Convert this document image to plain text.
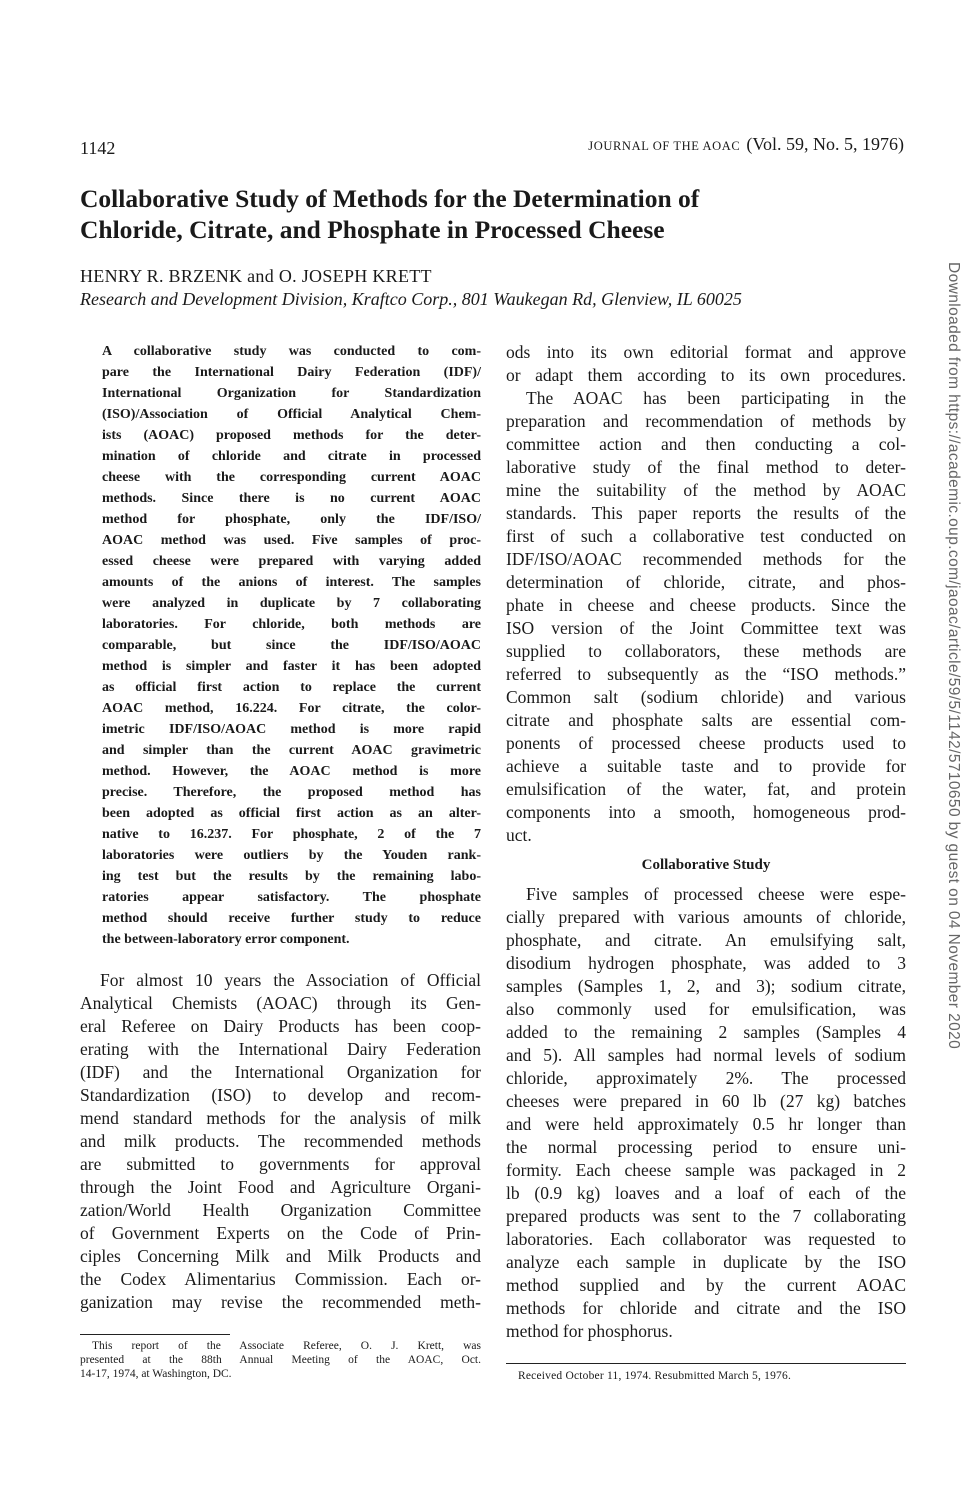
1142	JOURNAL OF THE AOAC (Vol. 59, No. 5, 1976)
Collaborative Study of Methods for the Determination of
Chloride, Citrate, and Phosphate in Processed Cheese
HENRY R. BRZENK and O. JOSEPH KRETT
Research and Development Division, Kraftco Corp., 801 Waukegan Rd, Glenview, IL 60025

A collaborative study was conducted to com-
pare the International Dairy Federation (IDF)/
International Organization for Standardization
(ISO)/Association of Official Analytical Chem-
ists (AOAC) proposed methods for the deter-
mination of chloride and citrate in processed
cheese with the corresponding current AOAC
methods. Since there is no current AOAC
method for phosphate, only the IDF/ISO/
AOAC method was used. Five samples of proc-
essed cheese were prepared with varying added
amounts of the anions of interest. The samples
were analyzed in duplicate by 7 collaborating
laboratories. For chloride, both methods are
comparable, but since the IDF/ISO/AOAC
method is simpler and faster it has been adopted
as official first action to replace the current
AOAC method, 16.224. For citrate, the color-
imetric IDF/ISO/AOAC method is more rapid
and simpler than the current AOAC gravimetric
method. However, the AOAC method is more
precise. Therefore, the proposed method has
been adopted as official first action as an alter-
native to 16.237. For phosphate, 2 of the 7
laboratories were outliers by the Youden rank-
ing test but the results by the remaining labo-
ratories appear satisfactory. The phosphate
method should receive further study to reduce
the between-laboratory error component.

For almost 10 years the Association of Official
Analytical Chemists (AOAC) through its Gen-
eral Referee on Dairy Products has been coop-
erating with the International Dairy Federation
(IDF) and the International Organization for
Standardization (ISO) to develop and recom-
mend standard methods for the analysis of milk
and milk products. The recommended methods
are submitted to governments for approval
through the Joint Food and Agriculture Organi-
zation/World Health Organization Committee
of Government Experts on the Code of Prin-
ciples Concerning Milk and Milk Products and
the Codex Alimentarius Commission. Each or-
ganization may revise the recommended meth-

This report of the Associate Referee, O. J. Krett, was
presented at the 88th Annual Meeting of the AOAC, Oct.
14-17, 1974, at Washington, DC.

ods into its own editorial format and approve
or adapt them according to its own procedures.

The AOAC has been participating in the
preparation and recommendation of methods by
committee action and then conducting a col-
laborative study of the final method to deter-
mine the suitability of the method by AOAC
standards. This paper reports the results of the
first of such a collaborative test conducted on
IDF/ISO/AOAC recommended methods for the
determination of chloride, citrate, and phos-
phate in cheese and cheese products. Since the
ISO version of the Joint Committee text was
supplied to collaborators, these methods are
referred to subsequently as the “ISO methods.”
Common salt (sodium chloride) and various
citrate and phosphate salts are essential com-
ponents of processed cheese products used to
achieve a suitable taste and to provide for
emulsification of the water, fat, and protein
components into a smooth, homogeneous prod-
uct.

Collaborative Study

Five samples of processed cheese were espe-
cially prepared with various amounts of chloride,
phosphate, and citrate. An emulsifying salt,
disodium hydrogen phosphate, was added to 3
samples (Samples 1, 2, and 3); sodium citrate,
also commonly used for emulsification, was
added to the remaining 2 samples (Samples 4
and 5). All samples had normal levels of sodium
chloride, approximately 2%. The processed
cheeses were prepared in 60 lb (27 kg) batches
and were held approximately 0.5 hr longer than
the normal processing period to ensure uni-
formity. Each cheese sample was packaged in 2
lb (0.9 kg) loaves and a loaf of each of the
prepared products was sent to the 7 collaborating
laboratories. Each collaborator was requested to
analyze each sample in duplicate by the ISO
method supplied and by the current AOAC
methods for chloride and citrate and the ISO
method for phosphorus.

Received October 11, 1974. Resubmitted March 5, 1976.
Downloaded from https://academic.oup.com/jaoac/article/59/5/1142/5710650 by guest on 04 November 2020
